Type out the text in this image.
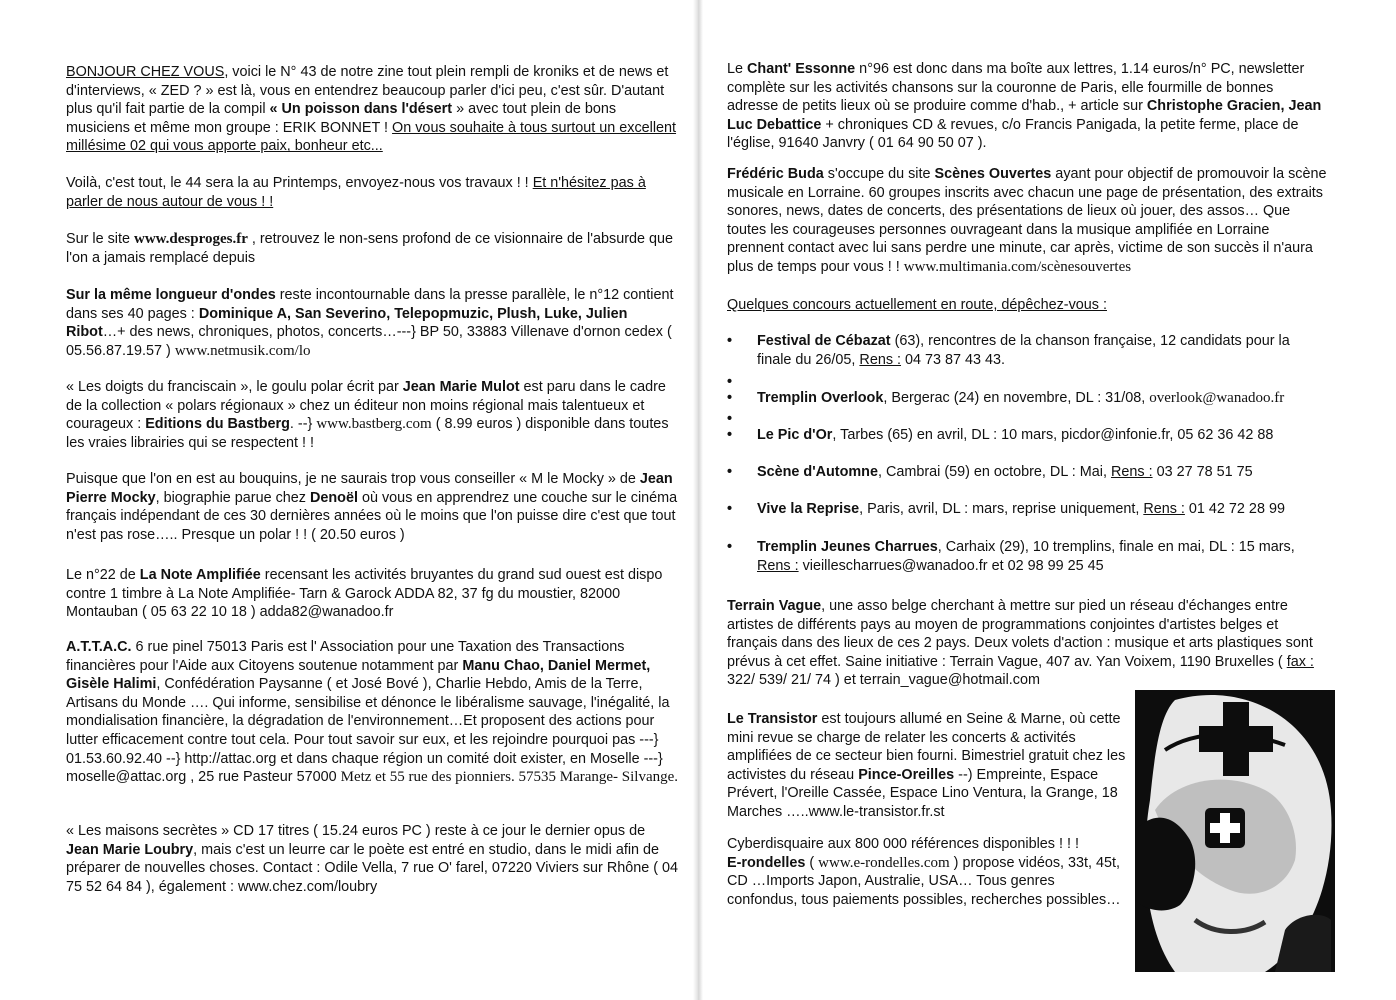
BONJOUR CHEZ VOUS, voici le N° 43 de notre zine tout plein rempli de kroniks et de news et d'interviews, « ZED ? » est là, vous en entendrez beaucoup parler d'ici peu, c'est sûr. D'autant plus qu'il fait partie de la compil « Un poisson dans l'désert » avec tout plein de bons musiciens et même mon groupe : ERIK BONNET ! On vous souhaite à tous surtout un excellent millésime 02 qui vous apporte paix, bonheur etc...

Voilà, c'est tout, le 44 sera la au Printemps, envoyez-nous vos travaux ! ! Et n'hésitez pas à parler de nous autour de vous ! !

Sur le site www.desproges.fr , retrouvez le non-sens profond de ce visionnaire de l'absurde que l'on a jamais remplacé depuis

Sur la même longueur d'ondes reste incontournable dans la presse parallèle, le n°12 contient dans ses 40 pages : Dominique A, San Severino, Telepopmuzic, Plush, Luke, Julien Ribot…+ des news, chroniques, photos, concerts…---} BP 50, 33883 Villenave d'ornon cedex ( 05.56.87.19.57 ) www.netmusik.com/lo

« Les doigts du franciscain », le goulu polar écrit par Jean Marie Mulot est paru dans le cadre de la collection « polars régionaux » chez un éditeur non moins régional mais talentueux et courageux : Editions du Bastberg. --} www.bastberg.com ( 8.99 euros ) disponible dans toutes les vraies librairies qui se respectent ! !

Puisque que l'on en est au bouquins, je ne saurais trop vous conseiller « M le Mocky » de Jean Pierre Mocky, biographie parue chez Denoël où vous en apprendrez une couche sur le cinéma français indépendant de ces 30 dernières années où le moins que l'on puisse dire c'est que tout n'est pas rose….. Presque un polar ! ! ( 20.50 euros )

Le n°22 de La Note Amplifiée recensant les activités bruyantes du grand sud ouest est dispo contre 1 timbre à La Note Amplifiée- Tarn & Garock ADDA 82, 37 fg du moustier, 82000 Montauban ( 05 63 22 10 18 ) adda82@wanadoo.fr

A.T.T.A.C. 6 rue pinel 75013 Paris est l' Association pour une Taxation des Transactions financières pour l'Aide aux Citoyens soutenue notamment par Manu Chao, Daniel Mermet, Gisèle Halimi, Confédération Paysanne ( et José Bové ), Charlie Hebdo, Amis de la Terre, Artisans du Monde …. Qui informe, sensibilise et dénonce le libéralisme sauvage, l'inégalité, la mondialisation financière, la dégradation de l'environnement…Et proposent des actions pour lutter efficacement contre tout cela. Pour tout savoir sur eux, et les rejoindre pourquoi pas ---} 01.53.60.92.40 --} http://attac.org et dans chaque région un comité doit exister, en Moselle ---} moselle@attac.org , 25 rue Pasteur 57000 Metz et 55 rue des pionniers. 57535 Marange- Silvange.

« Les maisons secrètes » CD 17 titres ( 15.24 euros PC ) reste à ce jour le dernier opus de Jean Marie Loubry, mais c'est un leurre car le poète est entré en studio, dans le midi afin de préparer de nouvelles choses. Contact : Odile Vella, 7 rue O' farel, 07220 Viviers sur Rhône ( 04 75 52 64 84 ), également : www.chez.com/loubry

Le Chant' Essonne n°96 est donc dans ma boîte aux lettres, 1.14 euros/n° PC, newsletter complète sur les activités chansons sur la couronne de Paris, elle fourmille de bonnes adresse de petits lieux où se produire comme d'hab., + article sur Christophe Gracien, Jean Luc Debattice + chroniques CD & revues, c/o Francis Panigada, la petite ferme, place de l'église, 91640 Janvry ( 01 64 90 50 07 ).

Frédéric Buda s'occupe du site Scènes Ouvertes ayant pour objectif de promouvoir la scène musicale en Lorraine. 60 groupes inscrits avec chacun une page de présentation, des extraits sonores, news, dates de concerts, des présentations de lieux où jouer, des assos… Que toutes les courageuses personnes ouvrageant dans la musique amplifiée en Lorraine prennent contact avec lui sans perdre une minute, car après, victime de son succès il n'aura plus de temps pour vous ! ! www.multimania.com/scènesouvertes

Quelques concours actuellement en route, dépêchez-vous :

•	Festival de Cébazat (63), rencontres de la chanson française, 12 candidats pour la finale du 26/05, Rens : 04 73 87 43 43.
•
•	Tremplin Overlook, Bergerac (24) en novembre, DL : 31/08, overlook@wanadoo.fr
•
•	Le Pic d'Or, Tarbes (65) en avril, DL : 10 mars, picdor@infonie.fr, 05 62 36 42 88
•	Scène d'Automne, Cambrai (59) en octobre, DL : Mai, Rens : 03 27 78 51 75
•	Vive la Reprise, Paris, avril, DL : mars, reprise uniquement, Rens : 01 42 72 28 99
•	Tremplin Jeunes Charrues, Carhaix (29), 10 tremplins, finale en mai, DL : 15 mars, Rens : vieillescharrues@wanadoo.fr et 02 98 99 25 45

Terrain Vague, une asso belge cherchant à mettre sur pied un réseau d'échanges entre artistes de différents pays au moyen de programmations conjointes d'artistes belges et français dans des lieux de ces 2 pays. Deux volets d'action : musique et arts plastiques sont prévus à cet effet. Saine initiative : Terrain Vague, 407 av. Yan Voixem, 1190 Bruxelles ( fax : 322/ 539/ 21/ 74 ) et terrain_vague@hotmail.com

Le Transistor est toujours allumé en Seine & Marne, où cette mini revue se charge de relater les concerts & activités amplifiées de ce secteur bien fourni. Bimestriel gratuit chez les activistes du réseau Pince-Oreilles --) Empreinte, Espace Prévert, l'Oreille Cassée, Espace Lino Ventura, la Grange, 18 Marches …..www.le-transistor.fr.st

Cyberdisquaire aux 800 000 références disponibles ! ! !
E-rondelles ( www.e-rondelles.com ) propose vidéos, 33t, 45t, CD …Imports Japon, Australie, USA… Tous genres confondus, tous paiements possibles, recherches possibles…
